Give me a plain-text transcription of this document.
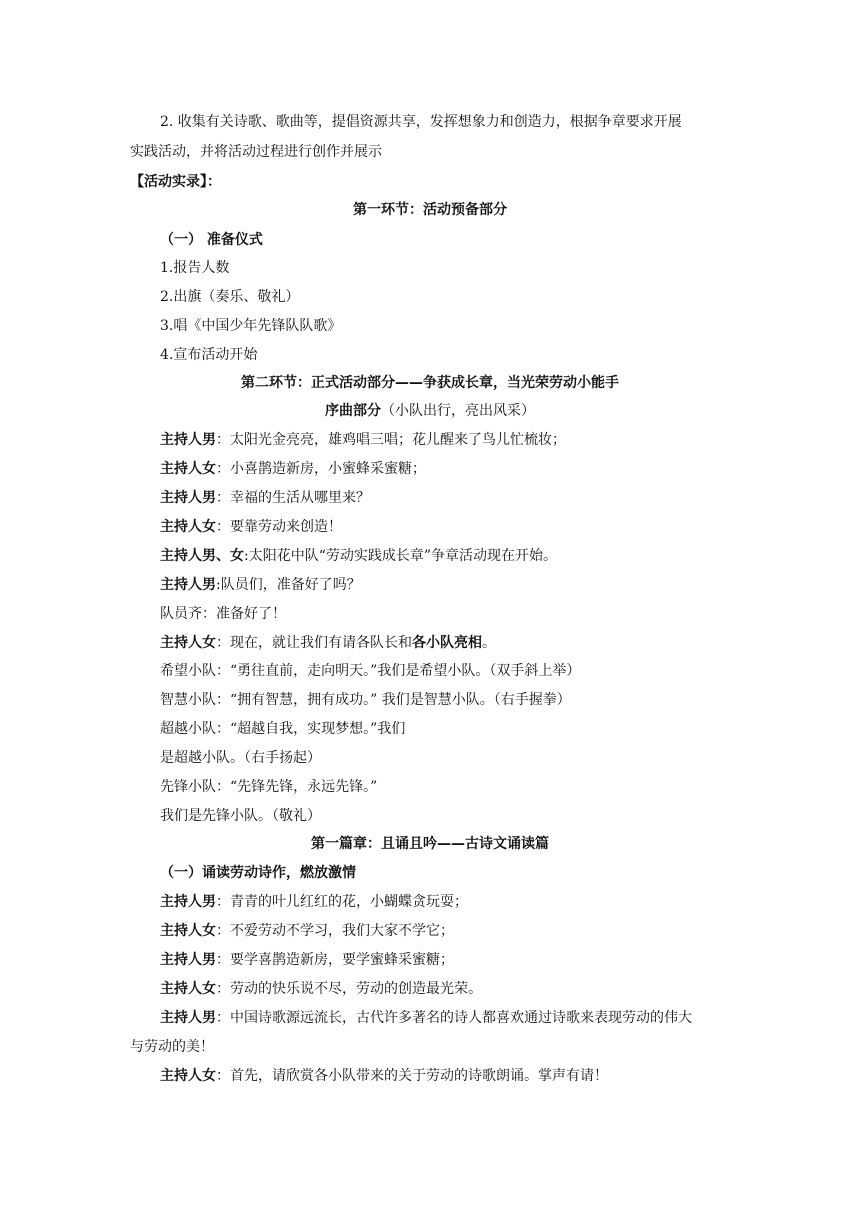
2. 收集有关诗歌、歌曲等，提倡资源共享，发挥想象力和创造力，根据争章要求开展
实践活动，并将活动过程进行创作并展示
【活动实录】：
第一环节：活动预备部分
（一） 准备仪式
1.报告人数
2.出旗（奏乐、敬礼）
3.唱《中国少年先锋队队歌》
4.宣布活动开始
第二环节：正式活动部分——争获成长章，当光荣劳动小能手
序曲部分（小队出行，亮出风采）
主持人男：太阳光金亮亮，雄鸡唱三唱；花儿醒来了鸟儿忙梳妆；
主持人女：小喜鹊造新房，小蜜蜂采蜜糖；
主持人男：幸福的生活从哪里来？
主持人女：要靠劳动来创造！
主持人男、女:太阳花中队“劳动实践成长章”争章活动现在开始。
主持人男:队员们，准备好了吗？
队员齐：准备好了！
主持人女：现在，就让我们有请各队长和各小队亮相。
希望小队：“勇往直前，走向明天。”我们是希望小队。（双手斜上举）
智慧小队：“拥有智慧，拥有成功。” 我们是智慧小队。（右手握拳）
超越小队：“超越自我，实现梦想。”我们
是超越小队。（右手扬起）
先锋小队：“先锋先锋，永远先锋。”
我们是先锋小队。（敬礼）
第一篇章：且诵且吟——古诗文诵读篇
（一）诵读劳动诗作，燃放激情
主持人男：青青的叶儿红红的花，小蝴蝶贪玩耍；
主持人女：不爱劳动不学习，我们大家不学它；
主持人男：要学喜鹊造新房，要学蜜蜂采蜜糖；
主持人女：劳动的快乐说不尽，劳动的创造最光荣。
主持人男：中国诗歌源远流长，古代许多著名的诗人都喜欢通过诗歌来表现劳动的伟大
与劳动的美！
主持人女：首先，请欣赏各小队带来的关于劳动的诗歌朗诵。掌声有请！
